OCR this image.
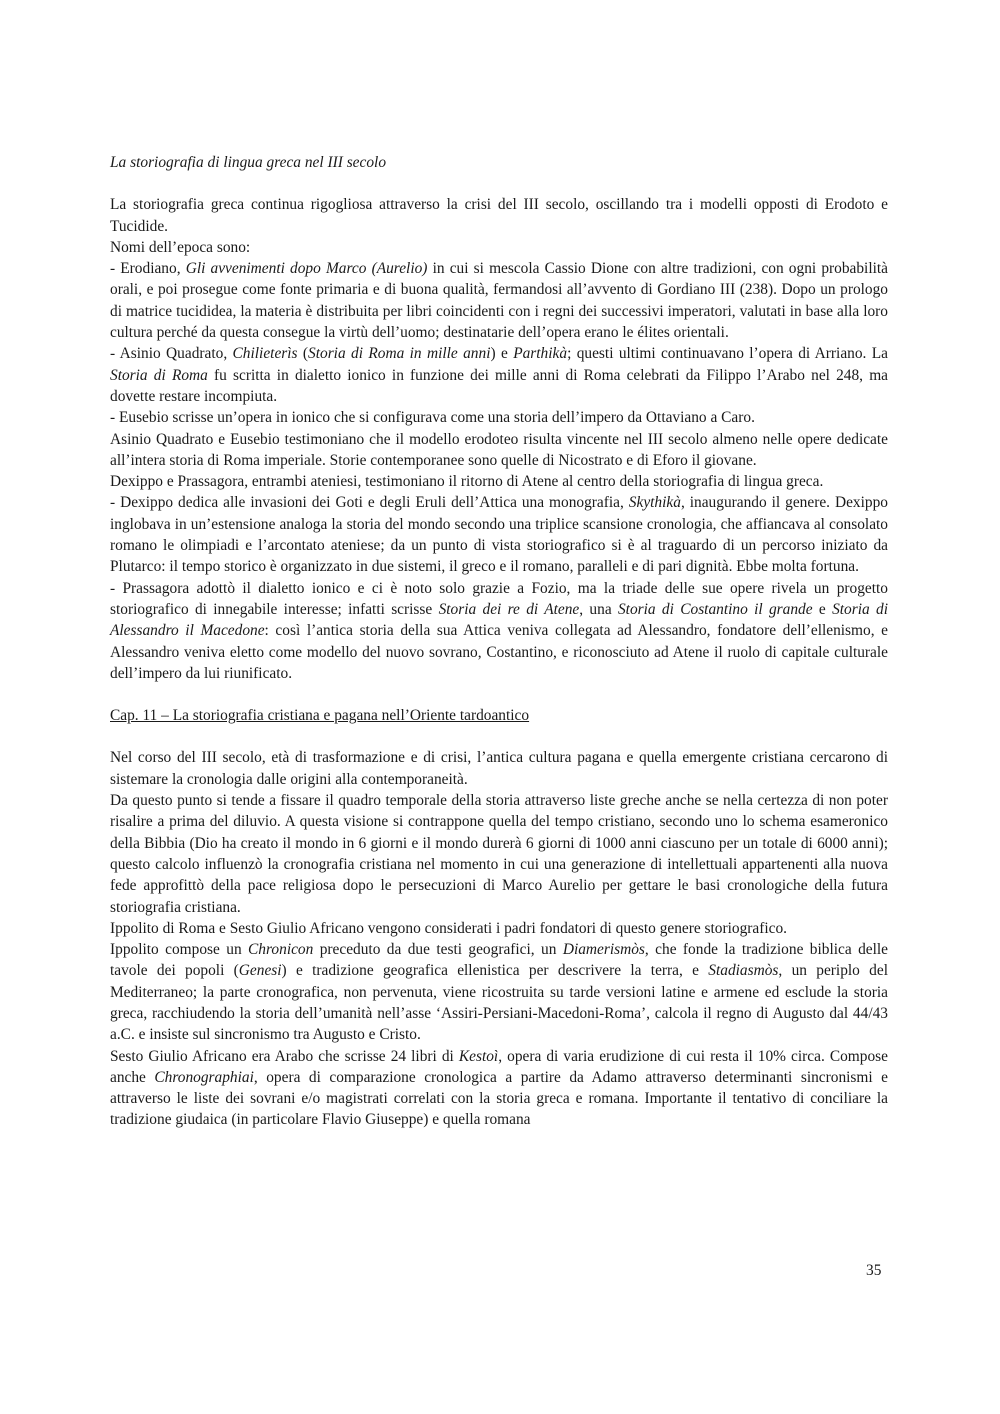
La storiografia di lingua greca nel III secolo

La storiografia greca continua rigogliosa attraverso la crisi del III secolo, oscillando tra i modelli opposti di Erodoto e Tucidide.

Nomi dell’epoca sono:

- Erodiano, Gli avvenimenti dopo Marco (Aurelio) in cui si mescola Cassio Dione con altre tradizioni, con ogni probabilità orali, e poi prosegue come fonte primaria e di buona qualità, fermandosi all’avvento di Gordiano III (238). Dopo un prologo di matrice tucididea, la materia è distribuita per libri coincidenti con i regni dei successivi imperatori, valutati in base alla loro cultura perché da questa consegue la virtù dell’uomo; destinatarie dell’opera erano le élites orientali.

- Asinio Quadrato, Chilieterìs (Storia di Roma in mille anni) e Parthikà; questi ultimi continuavano l’opera di Arriano. La Storia di Roma fu scritta in dialetto ionico in funzione dei mille anni di Roma celebrati da Filippo l’Arabo nel 248, ma dovette restare incompiuta.

- Eusebio scrisse un’opera in ionico che si configurava come una storia dell’impero da Ottaviano a Caro.

Asinio Quadrato e Eusebio testimoniano che il modello erodoteo risulta vincente nel III secolo almeno nelle opere dedicate all’intera storia di Roma imperiale. Storie contemporanee sono quelle di Nicostrato e di Eforo il giovane.

Dexippo e Prassagora, entrambi ateniesi, testimoniano il ritorno di Atene al centro della storiografia di lingua greca.

- Dexippo dedica alle invasioni dei Goti e degli Eruli dell’Attica una monografia, Skythikà, inaugurando il genere. Dexippo inglobava in un’estensione analoga la storia del mondo secondo una triplice scansione cronologia, che affiancava al consolato romano le olimpiadi e l’arcontato ateniese; da un punto di vista storiografico si è al traguardo di un percorso iniziato da Plutarco: il tempo storico è organizzato in due sistemi, il greco e il romano, paralleli e di pari dignità. Ebbe molta fortuna.

- Prassagora adottò il dialetto ionico e ci è noto solo grazie a Fozio, ma la triade delle sue opere rivela un progetto storiografico di innegabile interesse; infatti scrisse Storia dei re di Atene, una Storia di Costantino il grande e Storia di Alessandro il Macedone: così l’antica storia della sua Attica veniva collegata ad Alessandro, fondatore dell’ellenismo, e Alessandro veniva eletto come modello del nuovo sovrano, Costantino, e riconosciuto ad Atene il ruolo di capitale culturale dell’impero da lui riunificato.

Cap. 11 – La storiografia cristiana e pagana nell’Oriente tardoantico

Nel corso del III secolo, età di trasformazione e di crisi, l’antica cultura pagana e quella emergente cristiana cercarono di sistemare la cronologia dalle origini alla contemporaneità.

Da questo punto si tende a fissare il quadro temporale della storia attraverso liste greche anche se nella certezza di non poter risalire a prima del diluvio. A questa visione si contrappone quella del tempo cristiano, secondo uno lo schema esameronico della Bibbia (Dio ha creato il mondo in 6 giorni e il mondo durerà 6 giorni di 1000 anni ciascuno per un totale di 6000 anni); questo calcolo influenzò la cronografia cristiana nel momento in cui una generazione di intellettuali appartenenti alla nuova fede approfittò della pace religiosa dopo le persecuzioni di Marco Aurelio per gettare le basi cronologiche della futura storiografia cristiana.

Ippolito di Roma e Sesto Giulio Africano vengono considerati i padri fondatori di questo genere storiografico.

Ippolito compose un Chronicon preceduto da due testi geografici, un Diamerismòs, che fonde la tradizione biblica delle tavole dei popoli (Genesi) e tradizione geografica ellenistica per descrivere la terra, e Stadiasmòs, un periplo del Mediterraneo; la parte cronografica, non pervenuta, viene ricostruita su tarde versioni latine e armene ed esclude la storia greca, racchiudendo la storia dell’umanità nell’asse ‘Assiri-Persiani-Macedoni-Roma’, calcola il regno di Augusto dal 44/43 a.C. e insiste sul sincronismo tra Augusto e Cristo.

Sesto Giulio Africano era Arabo che scrisse 24 libri di Kestoì, opera di varia erudizione di cui resta il 10% circa. Compose anche Chronographiai, opera di comparazione cronologica a partire da Adamo attraverso determinanti sincronismi e attraverso le liste dei sovrani e/o magistrati correlati con la storia greca e romana. Importante il tentativo di conciliare la tradizione giudaica (in particolare Flavio Giuseppe) e quella romana

35
